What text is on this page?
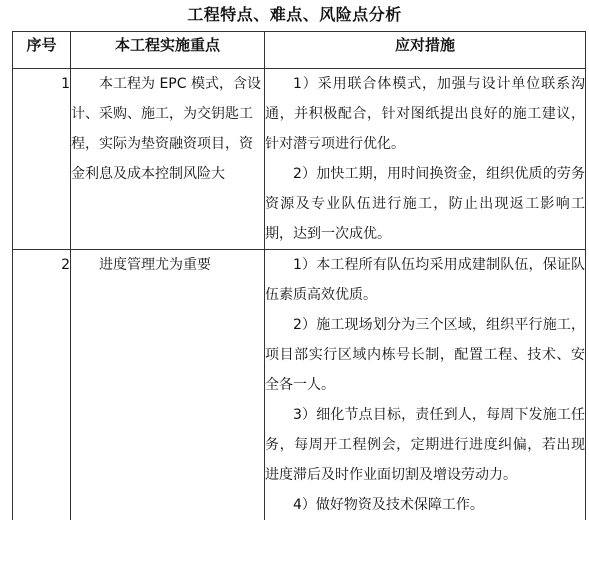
工程特点、难点、风险点分析
序号	本工程实施重点	应对措施
1	本工程为 EPC 模式，含设计、采购、施工，为交钥匙工程，实际为垫资融资项目，资金利息及成本控制风险大	1）采用联合体模式，加强与设计单位联系沟通，并积极配合，针对图纸提出良好的施工建议，针对潜亏项进行优化。

2）加快工期，用时间换资金，组织优质的劳务资源及专业队伍进行施工，防止出现返工影响工期，达到一次成优。

2	进度管理尤为重要	1）本工程所有队伍均采用成建制队伍，保证队伍素质高效优质。

2）施工现场划分为三个区域，组织平行施工，项目部实行区域内栋号长制，配置工程、技术、安全各一人。

3）细化节点目标，责任到人，每周下发施工任务，每周开工程例会，定期进行进度纠偏，若出现进度滞后及时作业面切割及增设劳动力。

4）做好物资及技术保障工作。
